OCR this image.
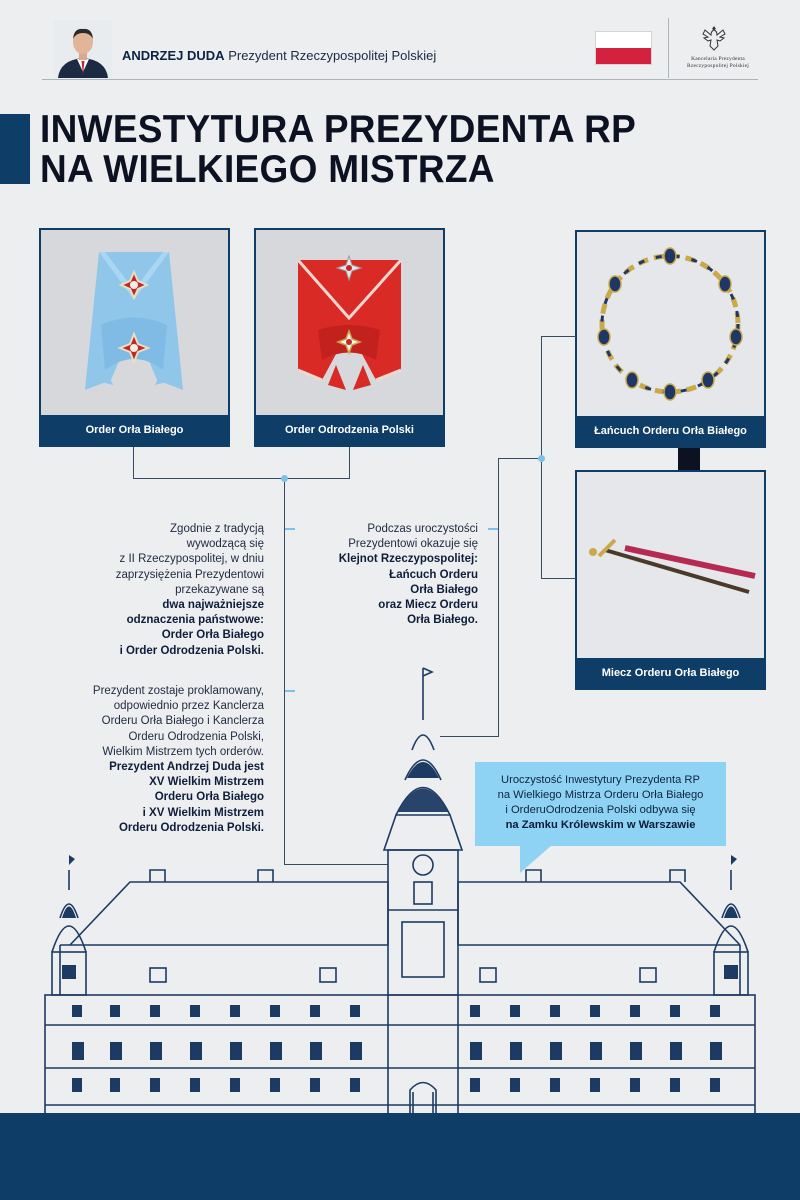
ANDRZEJ DUDA Prezydent Rzeczypospolitej Polskiej	Kancelaria Prezydenta
Rzeczypospolitej Polskiej
INWESTYTURA PREZYDENTA RP
NA WIELKIEGO MISTRZA
Order Orła Białego	Order Odrodzenia Polski	Łańcuch Orderu Orła Białego
Miecz Orderu Orła Białego
Zgodnie z tradycją
wywodzącą się
z II Rzeczypospolitej, w dniu
zaprzysiężenia Prezydentowi
przekazywane są
dwa najważniejsze
odznaczenia państwowe:
Order Orła Białego
i Order Odrodzenia Polski.
Prezydent zostaje proklamowany,
odpowiednio przez Kanclerza
Orderu Orła Białego i Kanclerza
Orderu Odrodzenia Polski,
Wielkim Mistrzem tych orderów.
Prezydent Andrzej Duda jest
XV Wielkim Mistrzem
Orderu Orła Białego
i XV Wielkim Mistrzem
Orderu Odrodzenia Polski.
Podczas uroczystości
Prezydentowi okazuje się
Klejnot Rzeczypospolitej:
Łańcuch Orderu
Orła Białego
oraz Miecz Orderu
Orła Białego.
Uroczystość Inwestytury Prezydenta RP
na Wielkiego Mistrza Orderu Orła Białego
i OrderuOdrodzenia Polski odbywa się
na Zamku Królewskim w Warszawie
